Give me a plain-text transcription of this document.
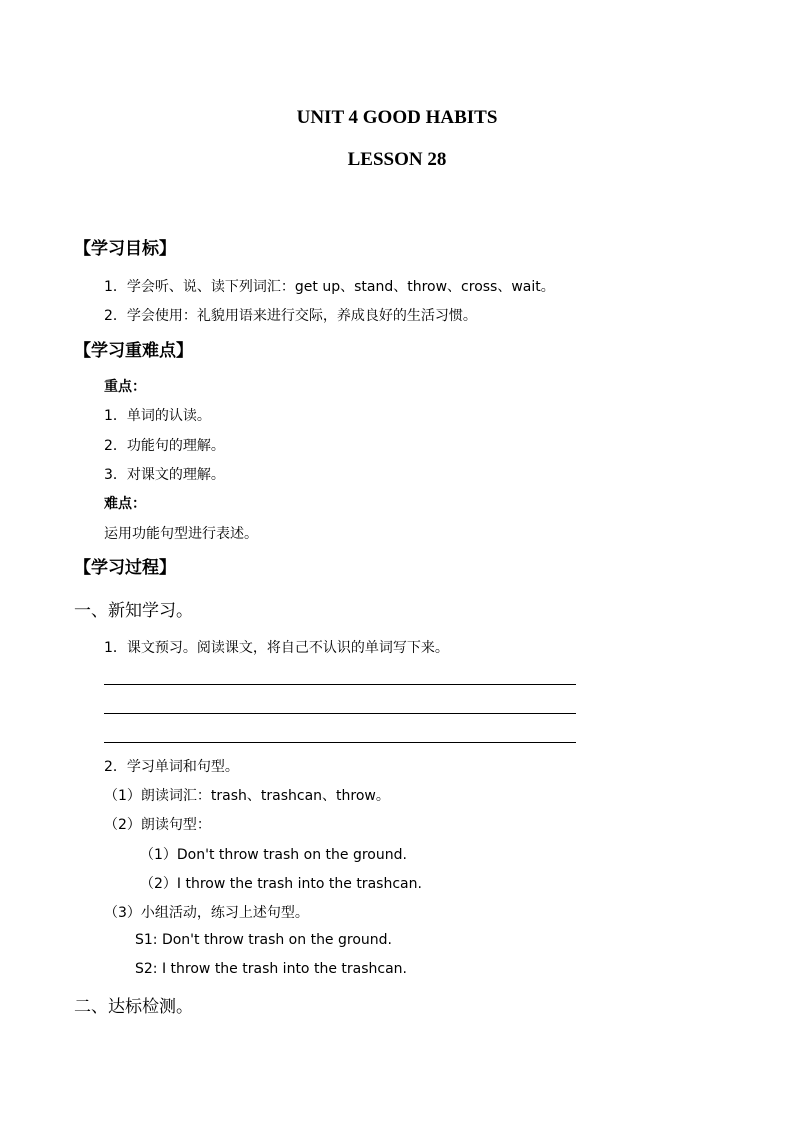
UNIT 4 GOOD HABITS
LESSON 28
【学习目标】
1．学会听、说、读下列词汇：get up、stand、throw、cross、wait。
2．学会使用：礼貌用语来进行交际，养成良好的生活习惯。
【学习重难点】
重点：
1．单词的认读。
2．功能句的理解。
3．对课文的理解。
难点：
运用功能句型进行表述。
【学习过程】
一、新知学习。
1．课文预习。阅读课文，将自己不认识的单词写下来。
2．学习单词和句型。
（1）朗读词汇：trash、trashcan、throw。
（2）朗读句型：
（1）Don't throw trash on the ground.
（2）I throw the trash into the trashcan.
（3）小组活动，练习上述句型。
S1: Don't throw trash on the ground.
S2: I throw the trash into the trashcan.
二、达标检测。
